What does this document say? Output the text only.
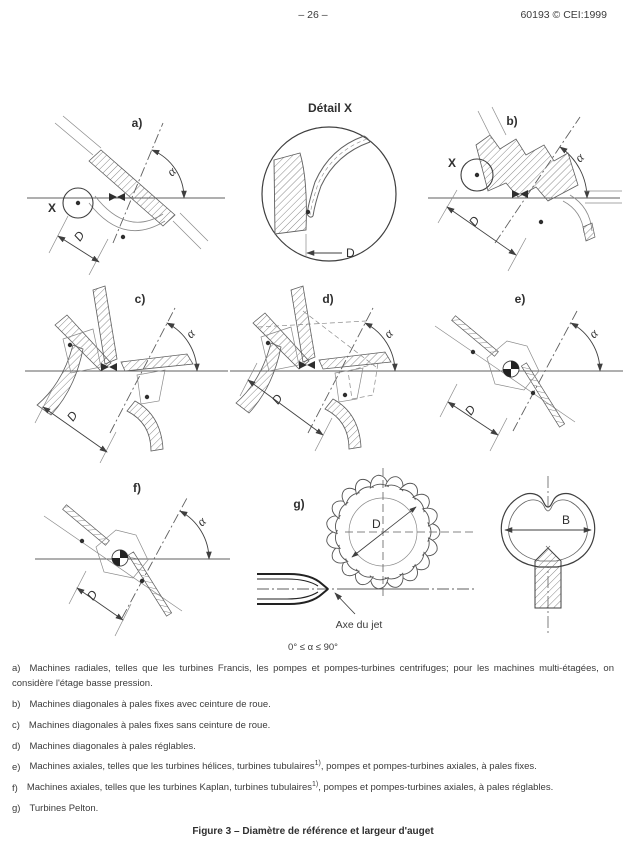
– 26 –	60193 © CEI:1999
a)
α
X
D
Détail X
D
b)
α
X
D
c)
α
D
d)
α
D
e)
α
D
f)
α
D
g)
D
Axe du jet
B

0° ≤ α ≤ 90°

a) Machines radiales, telles que les turbines Francis, les pompes et pompes-turbines centrifuges; pour les machines multi-étagées, on considère l'étage basse pression.

b) Machines diagonales à pales fixes avec ceinture de roue.

c) Machines diagonales à pales fixes sans ceinture de roue.

d) Machines diagonales à pales réglables.

e) Machines axiales, telles que les turbines hélices, turbines tubulaires$^{1)}$, pompes et pompes-turbines axiales, à pales fixes.

f) Machines axiales, telles que les turbines Kaplan, turbines tubulaires$^{1)}$, pompes et pompes-turbines axiales, à pales réglables.

g) Turbines Pelton.

Figure 3 – Diamètre de référence et largeur d'auget
